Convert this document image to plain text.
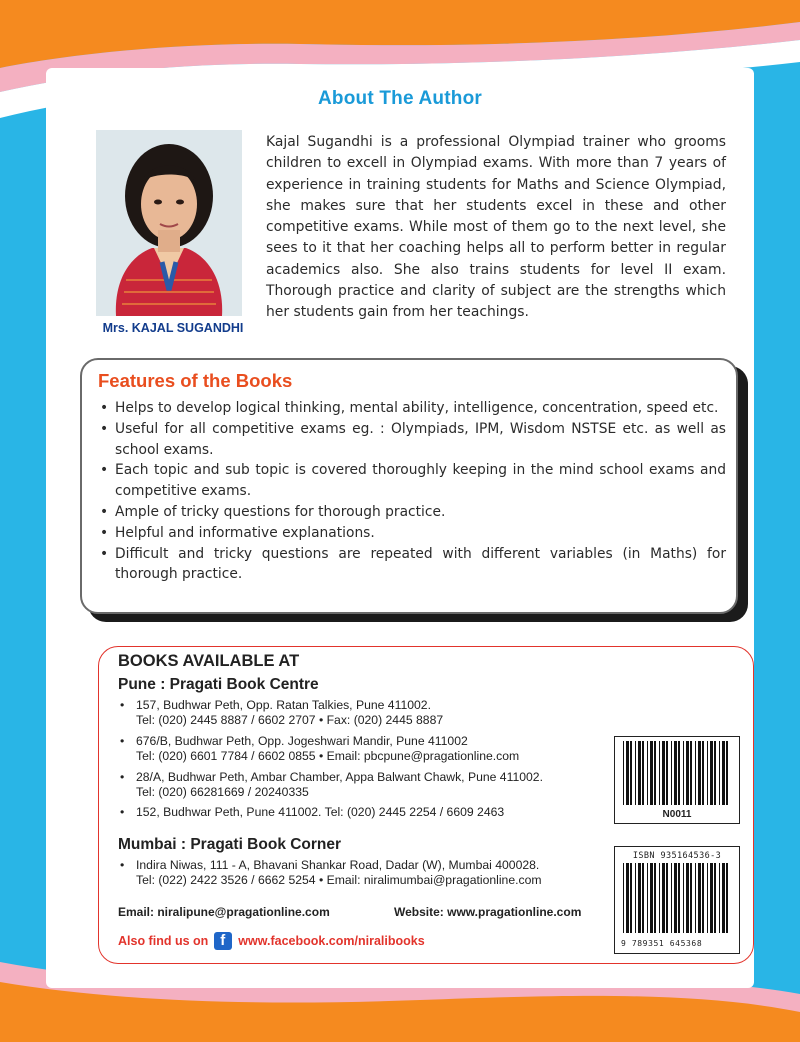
About The Author
Mrs. KAJAL SUGANDHI

Kajal Sugandhi is a professional Olympiad trainer who grooms children to excell in Olympiad exams. With more than 7 years of experience in training students for Maths and Science Olympiad, she makes sure that her students excel in these and other competitive exams. While most of them go to the next level, she sees to it that her coaching helps all to perform better in regular academics also. She also trains students for level II exam. Thorough practice and clarity of subject are the strengths which her students gain from her teachings.

Features of the Books
• Helps to develop logical thinking, mental ability, intelligence, concentration, speed etc.
• Useful for all competitive exams eg. : Olympiads, IPM, Wisdom NSTSE etc. as well as school exams.
• Each topic and sub topic is covered thoroughly keeping in the mind school exams and competitive exams.
• Ample of tricky questions for thorough practice.
• Helpful and informative explanations.
• Difficult and tricky questions are repeated with different variables (in Maths) for thorough practice.
BOOKS AVAILABLE AT
Pune : Pragati Book Centre
• 157, Budhwar Peth, Opp. Ratan Talkies, Pune 411002.
Tel: (020) 2445 8887 / 6602 2707 • Fax: (020) 2445 8887
• 676/B, Budhwar Peth, Opp. Jogeshwari Mandir, Pune 411002
Tel: (020) 6601 7784 / 6602 0855 • Email: pbcpune@pragationline.com
• 28/A, Budhwar Peth, Ambar Chamber, Appa Balwant Chawk, Pune 411002.
Tel: (020) 66281669 / 20240335
• 152, Budhwar Peth, Pune 411002. Tel: (020) 2445 2254 / 6609 2463
Mumbai : Pragati Book Corner
• Indira Niwas, 111 - A, Bhavani Shankar Road, Dadar (W), Mumbai 400028.
Tel: (022) 2422 3526 / 6662 5254 • Email: niralimumbai@pragationline.com
Email: niralipune@pragationline.com	Website: www.pragationline.com
Also find us on
f www.facebook.com/niralibooks
N0011
ISBN 935164536-3
9 789351 645368
